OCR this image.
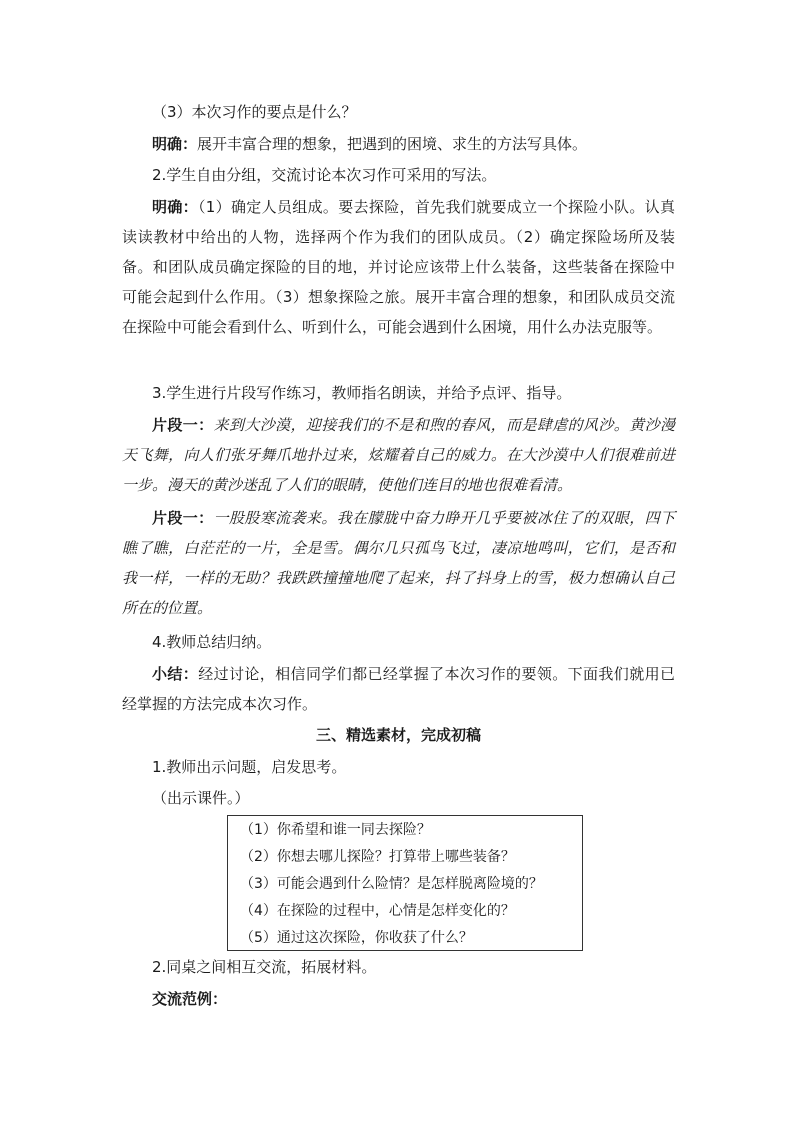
（3）本次习作的要点是什么？

明确：展开丰富合理的想象，把遇到的困境、求生的方法写具体。

2.学生自由分组，交流讨论本次习作可采用的写法。

明确：（1）确定人员组成。要去探险，首先我们就要成立一个探险小队。认真读读教材中给出的人物，选择两个作为我们的团队成员。（2）确定探险场所及装备。和团队成员确定探险的目的地，并讨论应该带上什么装备，这些装备在探险中可能会起到什么作用。（3）想象探险之旅。展开丰富合理的想象，和团队成员交流在探险中可能会看到什么、听到什么，可能会遇到什么困境，用什么办法克服等。

3.学生进行片段写作练习，教师指名朗读，并给予点评、指导。

片段一：来到大沙漠，迎接我们的不是和煦的春风，而是肆虐的风沙。黄沙漫天飞舞，向人们张牙舞爪地扑过来，炫耀着自己的威力。在大沙漠中人们很难前进一步。漫天的黄沙迷乱了人们的眼睛，使他们连目的地也很难看清。

片段一：一股股寒流袭来。我在朦胧中奋力睁开几乎要被冰住了的双眼，四下瞧了瞧，白茫茫的一片，全是雪。偶尔几只孤鸟飞过，凄凉地鸣叫，它们，是否和我一样，一样的无助？我跌跌撞撞地爬了起来，抖了抖身上的雪，极力想确认自己所在的位置。

4.教师总结归纳。

小结：经过讨论，相信同学们都已经掌握了本次习作的要领。下面我们就用已经掌握的方法完成本次习作。

三、精选素材，完成初稿

1.教师出示问题，启发思考。

（出示课件。）

（1）你希望和谁一同去探险？
（2）你想去哪儿探险？打算带上哪些装备？
（3）可能会遇到什么险情？是怎样脱离险境的？
（4）在探险的过程中，心情是怎样变化的？
（5）通过这次探险，你收获了什么？

2.同桌之间相互交流，拓展材料。

交流范例：
